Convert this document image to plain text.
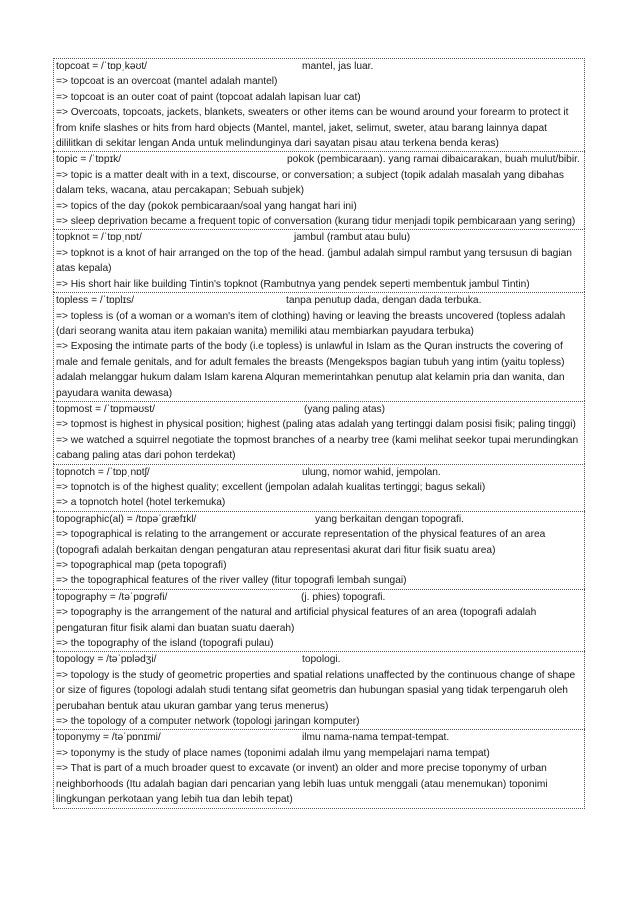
topcoat = /ˈtɒpˌkəʊt/	mantel, jas luar.
=> topcoat is an overcoat (mantel adalah mantel)
=> topcoat is an outer coat of paint (topcoat adalah lapisan luar cat)
=> Overcoats, topcoats, jackets, blankets, sweaters or other items can be wound around your forearm to protect it from knife slashes or hits from hard objects (Mantel, mantel, jaket, selimut, sweter, atau barang lainnya dapat dililitkan di sekitar lengan Anda untuk melindunginya dari sayatan pisau atau terkena benda keras)
topic = /ˈtɒpɪk/	pokok (pembicaraan). yang ramai dibaicarakan, buah mulut/bibir.
=> topic is a matter dealt with in a text, discourse, or conversation; a subject (topik adalah masalah yang dibahas dalam teks, wacana, atau percakapan; Sebuah subjek)
=> topics of the day (pokok pembicaraan/soal yang hangat hari ini)
=> sleep deprivation became a frequent topic of conversation (kurang tidur menjadi topik pembicaraan yang sering)
topknot = /ˈtɒpˌnɒt/	jambul (rambut atau bulu)
=> topknot is a knot of hair arranged on the top of the head. (jambul adalah simpul rambut yang tersusun di bagian atas kepala)
=> His short hair like building Tintin's topknot (Rambutnya yang pendek seperti membentuk jambul Tintin)
topless = /ˈtɒplɪs/	tanpa penutup dada, dengan dada terbuka.
=> topless is (of a woman or a woman's item of clothing) having or leaving the breasts uncovered (topless adalah (dari seorang wanita atau item pakaian wanita) memiliki atau membiarkan payudara terbuka)
=> Exposing the intimate parts of the body (i.e topless) is unlawful in Islam as the Quran instructs the covering of male and female genitals, and for adult females the breasts (Mengekspos bagian tubuh yang intim (yaitu topless) adalah melanggar hukum dalam Islam karena Alquran memerintahkan penutup alat kelamin pria dan wanita, dan payudara wanita dewasa)
topmost = /ˈtɒpməʊst/	(yang paling atas)
=> topmost is highest in physical position; highest (paling atas adalah yang tertinggi dalam posisi fisik; paling tinggi)
=> we watched a squirrel negotiate the topmost branches of a nearby tree (kami melihat seekor tupai merundingkan cabang paling atas dari pohon terdekat)
topnotch = /ˈtɒpˌnɒtʃ/	ulung, nomor wahid, jempolan.
=> topnotch is of the highest quality; excellent (jempolan adalah kualitas tertinggi; bagus sekali)
=> a topnotch hotel (hotel terkemuka)
topographic(al) = /tɒpəˈgræfɪkl/	yang berkaitan dengan topografi.
=> topographical is relating to the arrangement or accurate representation of the physical features of an area (topografi adalah berkaitan dengan pengaturan atau representasi akurat dari fitur fisik suatu area)
=> topographical map (peta topografi)
=> the topographical features of the river valley (fitur topografi lembah sungai)
topography = /təˈpɒgrəfi/	(j. phies) topografi.
=> topography is the arrangement of the natural and artificial physical features of an area (topografi adalah pengaturan fitur fisik alami dan buatan suatu daerah)
=> the topography of the island (topografi pulau)
topology = /təˈpɒlədʒi/	topologi.
=> topology is the study of geometric properties and spatial relations unaffected by the continuous change of shape or size of figures (topologi adalah studi tentang sifat geometris dan hubungan spasial yang tidak terpengaruh oleh perubahan bentuk atau ukuran gambar yang terus menerus)
=> the topology of a computer network (topologi jaringan komputer)
toponymy = /təˈpɒnɪmi/	ilmu nama-nama tempat-tempat.
=> toponymy is the study of place names (toponimi adalah ilmu yang mempelajari nama tempat)
=> That is part of a much broader quest to excavate (or invent) an older and more precise toponymy of urban neighborhoods (Itu adalah bagian dari pencarian yang lebih luas untuk menggali (atau menemukan) toponimi lingkungan perkotaan yang lebih tua dan lebih tepat)
